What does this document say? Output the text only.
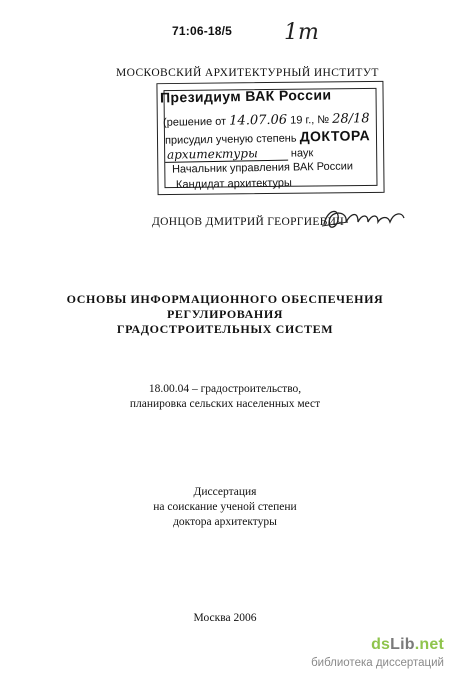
71:06-18/5 1т
МОСКОВСКИЙ АРХИТЕКТУРНЫЙ ИНСТИТУТ
Президиум ВАК России
(решение от 14.07.06 19 г., № 28/18
присудил ученую степень ДОКТОРА
архитектуры	наук
Начальник управления ВАК России
Кандидат архитектуры
ДОНЦОВ ДМИТРИЙ ГЕОРГИЕВИЧ
ОСНОВЫ ИНФОРМАЦИОННОГО ОБЕСПЕЧЕНИЯ
РЕГУЛИРОВАНИЯ
ГРАДОСТРОИТЕЛЬНЫХ СИСТЕМ
18.00.04 – градостроительство,
планировка сельских населенных мест
Диссертация
на соискание ученой степени
доктора архитектуры
Москва 2006
dsLib.net
библиотека диссертаций
